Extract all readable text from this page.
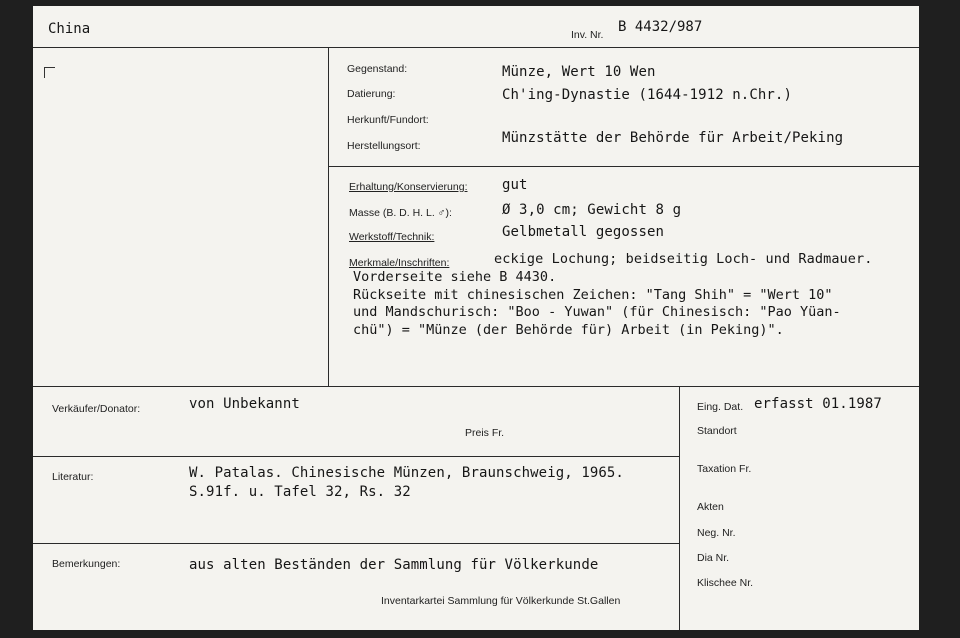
China	Inv. Nr. B 4432/987
Gegenstand:	Münze, Wert 10 Wen
Datierung:	Ch'ing-Dynastie (1644-1912 n.Chr.)
Herkunft/Fundort:
Herstellungsort:	Münzstätte der Behörde für Arbeit/Peking
Erhaltung/Konservierung: gut
Masse (B. D. H. L. ♂):	Ø 3,0 cm; Gewicht 8 g
Werkstoff/Technik:	Gelbmetall gegossen
Merkmale/Inschriften:	eckige Lochung; beidseitig Loch- und Radmauer.
Vorderseite siehe B 4430.
Rückseite mit chinesischen Zeichen: "Tang Shih" = "Wert 10"
und Mandschurisch: "Boo - Yuwan" (für Chinesisch: "Pao Yüan-
chü") = "Münze (der Behörde für) Arbeit (in Peking)".
Verkäufer/Donator:	von Unbekannt
Preis Fr.
Literatur:	W. Patalas. Chinesische Münzen, Braunschweig, 1965.
S.91f. u. Tafel 32, Rs. 32
Bemerkungen:	aus alten Beständen der Sammlung für Völkerkunde
Inventarkartei Sammlung für Völkerkunde St.Gallen
Eing. Dat. erfasst 01.1987
Standort
Taxation Fr.
Akten
Neg. Nr.
Dia Nr.
Klischee Nr.
